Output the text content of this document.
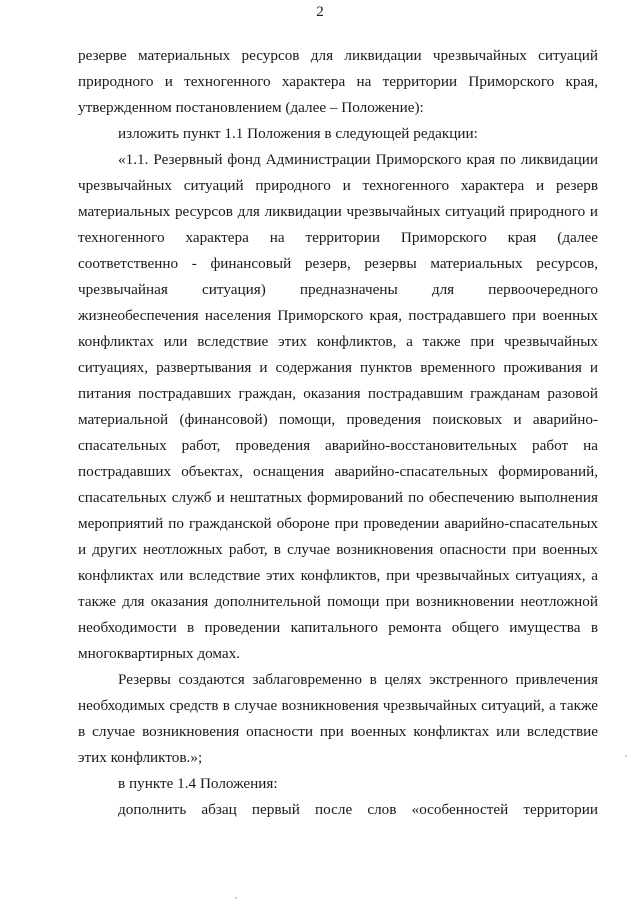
2
резерве материальных ресурсов для ликвидации чрезвычайных ситуаций
природного и техногенного характера на территории Приморского края,
утвержденном постановлением (далее – Положение):
изложить пункт 1.1 Положения в следующей редакции:
«1.1. Резервный фонд Администрации Приморского края по ликвидации
чрезвычайных ситуаций природного и техногенного характера и резерв
материальных ресурсов для ликвидации чрезвычайных ситуаций природного и
техногенного характера на территории Приморского края (далее
соответственно - финансовый резерв, резервы материальных ресурсов,
чрезвычайная ситуация) предназначены для первоочередного
жизнеобеспечения населения Приморского края, пострадавшего при военных
конфликтах или вследствие этих конфликтов, а также при чрезвычайных
ситуациях, развертывания и содержания пунктов временного проживания и
питания пострадавших граждан, оказания пострадавшим гражданам разовой
материальной (финансовой) помощи, проведения поисковых и аварийно-
спасательных работ, проведения аварийно-восстановительных работ на
пострадавших объектах, оснащения аварийно-спасательных формирований,
спасательных служб и нештатных формирований по обеспечению выполнения
мероприятий по гражданской обороне при проведении аварийно-спасательных
и других неотложных работ, в случае возникновения опасности при военных
конфликтах или вследствие этих конфликтов, при чрезвычайных ситуациях, а
также для оказания дополнительной помощи при возникновении неотложной
необходимости в проведении капитального ремонта общего имущества в
многоквартирных домах.
Резервы создаются заблаговременно в целях экстренного привлечения
необходимых средств в случае возникновения чрезвычайных ситуаций, а также
в случае возникновения опасности при военных конфликтах или вследствие
этих конфликтов.»;
в пункте 1.4 Положения:
дополнить абзац первый после слов «особенностей территории
